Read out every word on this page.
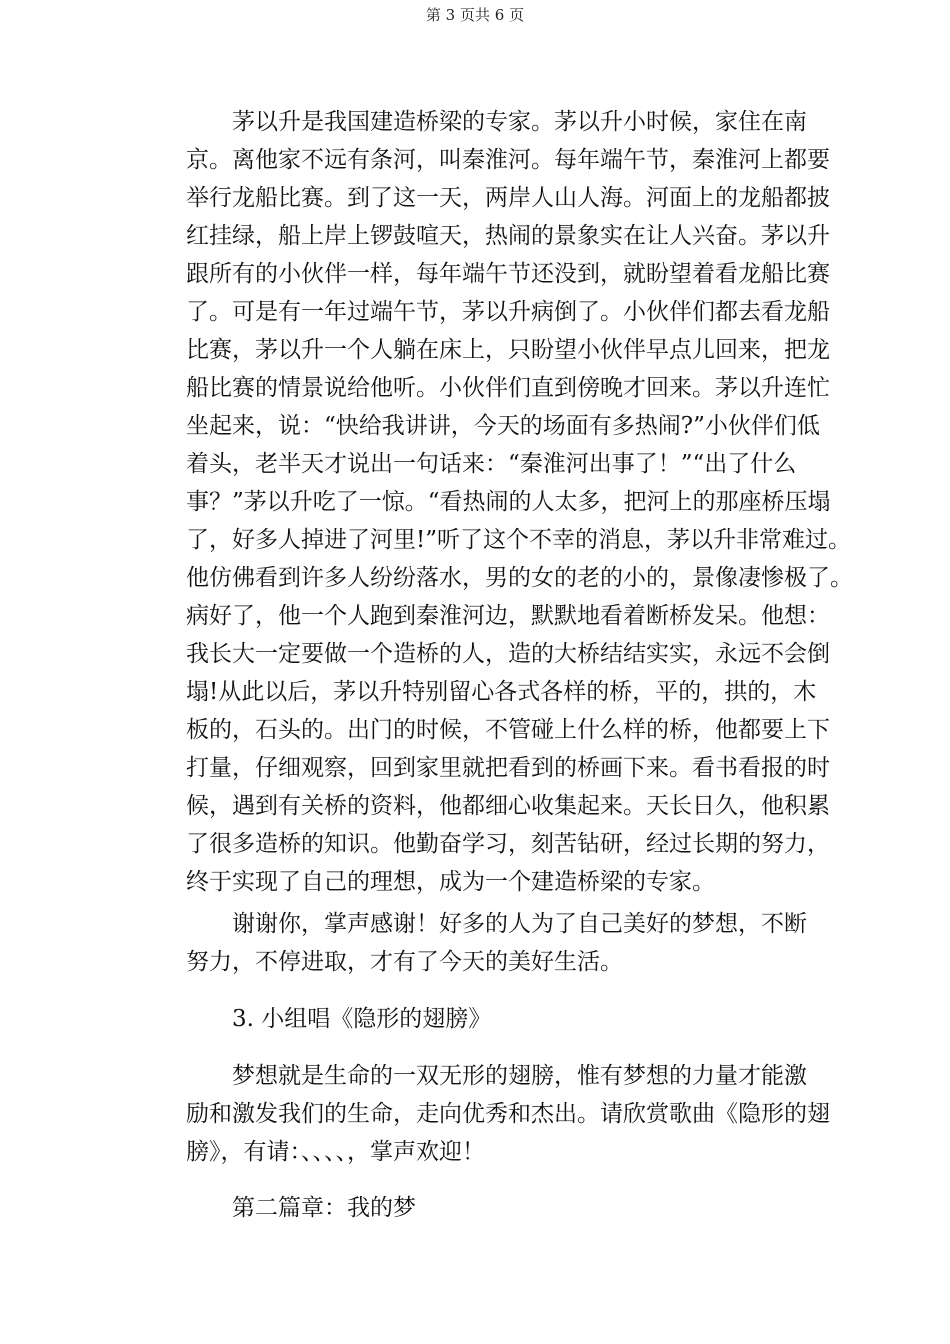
第 3 页共 6 页
茅以升是我国建造桥梁的专家。茅以升小时候，家住在南
京。离他家不远有条河，叫秦淮河。每年端午节，秦淮河上都要
举行龙船比赛。到了这一天，两岸人山人海。河面上的龙船都披
红挂绿，船上岸上锣鼓喧天，热闹的景象实在让人兴奋。茅以升
跟所有的小伙伴一样，每年端午节还没到，就盼望着看龙船比赛
了。可是有一年过端午节，茅以升病倒了。小伙伴们都去看龙船
比赛，茅以升一个人躺在床上，只盼望小伙伴早点儿回来，把龙
船比赛的情景说给他听。小伙伴们直到傍晚才回来。茅以升连忙
坐起来，说：“快给我讲讲，今天的场面有多热闹?”小伙伴们低
着头，老半天才说出一句话来：“秦淮河出事了！”“出了什么
事？”茅以升吃了一惊。“看热闹的人太多，把河上的那座桥压塌
了，好多人掉进了河里!”听了这个不幸的消息，茅以升非常难过。
他仿佛看到许多人纷纷落水，男的女的老的小的，景像凄惨极了。
病好了，他一个人跑到秦淮河边，默默地看着断桥发呆。他想：
我长大一定要做一个造桥的人，造的大桥结结实实，永远不会倒
塌!从此以后，茅以升特别留心各式各样的桥，平的，拱的，木
板的，石头的。出门的时候，不管碰上什么样的桥，他都要上下
打量，仔细观察，回到家里就把看到的桥画下来。看书看报的时
候，遇到有关桥的资料，他都细心收集起来。天长日久，他积累
了很多造桥的知识。他勤奋学习，刻苦钻研，经过长期的努力，
终于实现了自己的理想，成为一个建造桥梁的专家。
谢谢你，掌声感谢！好多的人为了自己美好的梦想，不断
努力，不停进取，才有了今天的美好生活。
3. 小组唱《隐形的翅膀》
梦想就是生命的一双无形的翅膀，惟有梦想的力量才能激
励和激发我们的生命，走向优秀和杰出。请欣赏歌曲《隐形的翅
膀》，有请：、、、、，掌声欢迎！
第二篇章：我的梦
